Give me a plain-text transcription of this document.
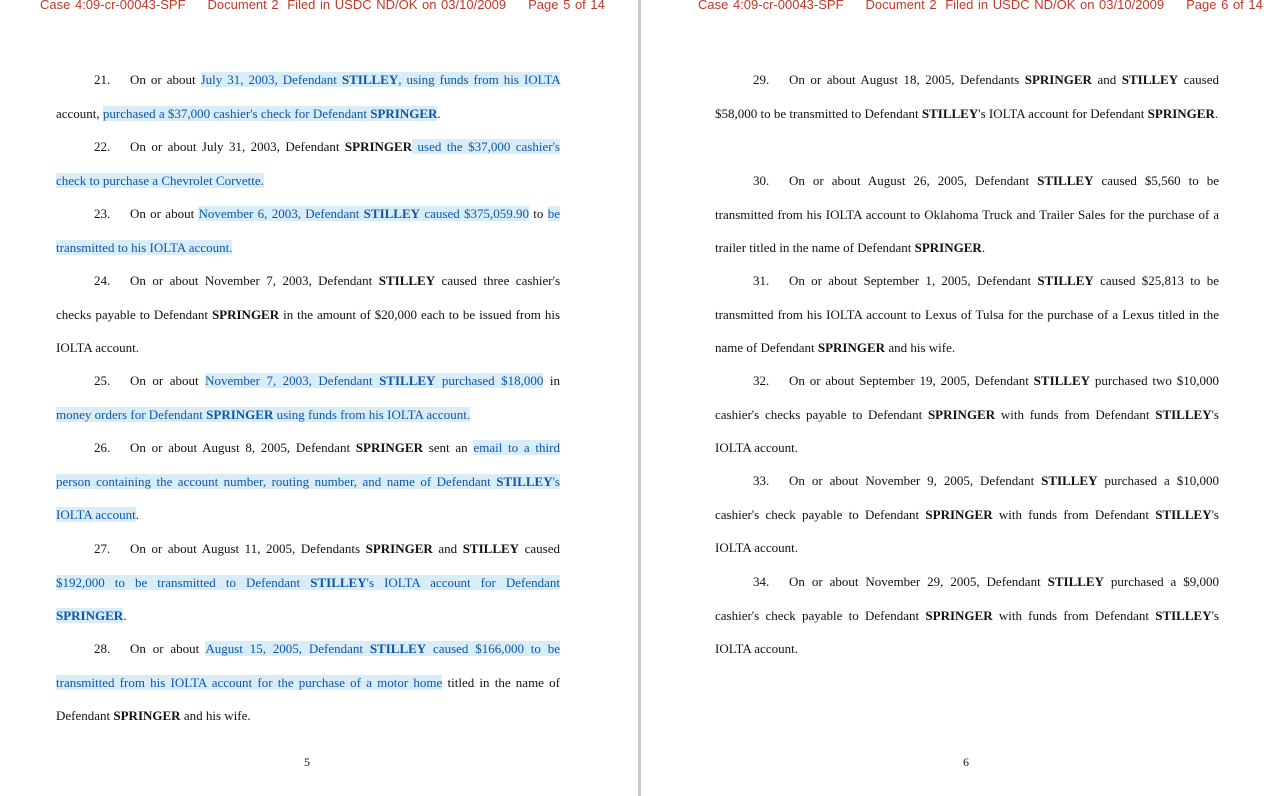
Case 4:09-cr-00043-SPF Document 2 Filed in USDC ND/OK on 03/10/2009 Page 5 of 14
21. On or about July 31, 2003, Defendant STILLEY, using funds from his IOLTA account, purchased a $37,000 cashier's check for Defendant SPRINGER.
22. On or about July 31, 2003, Defendant SPRINGER used the $37,000 cashier's check to purchase a Chevrolet Corvette.
23. On or about November 6, 2003, Defendant STILLEY caused $375,059.90 to be transmitted to his IOLTA account.
24. On or about November 7, 2003, Defendant STILLEY caused three cashier's checks payable to Defendant SPRINGER in the amount of $20,000 each to be issued from his IOLTA account.
25. On or about November 7, 2003, Defendant STILLEY purchased $18,000 in money orders for Defendant SPRINGER using funds from his IOLTA account.
26. On or about August 8, 2005, Defendant SPRINGER sent an email to a third person containing the account number, routing number, and name of Defendant STILLEY's IOLTA account.
27. On or about August 11, 2005, Defendants SPRINGER and STILLEY caused $192,000 to be transmitted to Defendant STILLEY's IOLTA account for Defendant SPRINGER.
28. On or about August 15, 2005, Defendant STILLEY caused $166,000 to be transmitted from his IOLTA account for the purchase of a motor home titled in the name of Defendant SPRINGER and his wife.
5
Case 4:09-cr-00043-SPF Document 2 Filed in USDC ND/OK on 03/10/2009 Page 6 of 14
29. On or about August 18, 2005, Defendants SPRINGER and STILLEY caused $58,000 to be transmitted to Defendant STILLEY's IOLTA account for Defendant SPRINGER.
30. On or about August 26, 2005, Defendant STILLEY caused $5,560 to be transmitted from his IOLTA account to Oklahoma Truck and Trailer Sales for the purchase of a trailer titled in the name of Defendant SPRINGER.
31. On or about September 1, 2005, Defendant STILLEY caused $25,813 to be transmitted from his IOLTA account to Lexus of Tulsa for the purchase of a Lexus titled in the name of Defendant SPRINGER and his wife.
32. On or about September 19, 2005, Defendant STILLEY purchased two $10,000 cashier's checks payable to Defendant SPRINGER with funds from Defendant STILLEY's IOLTA account.
33. On or about November 9, 2005, Defendant STILLEY purchased a $10,000 cashier's check payable to Defendant SPRINGER with funds from Defendant STILLEY's IOLTA account.
34. On or about November 29, 2005, Defendant STILLEY purchased a $9,000 cashier's check payable to Defendant SPRINGER with funds from Defendant STILLEY's IOLTA account.
6
